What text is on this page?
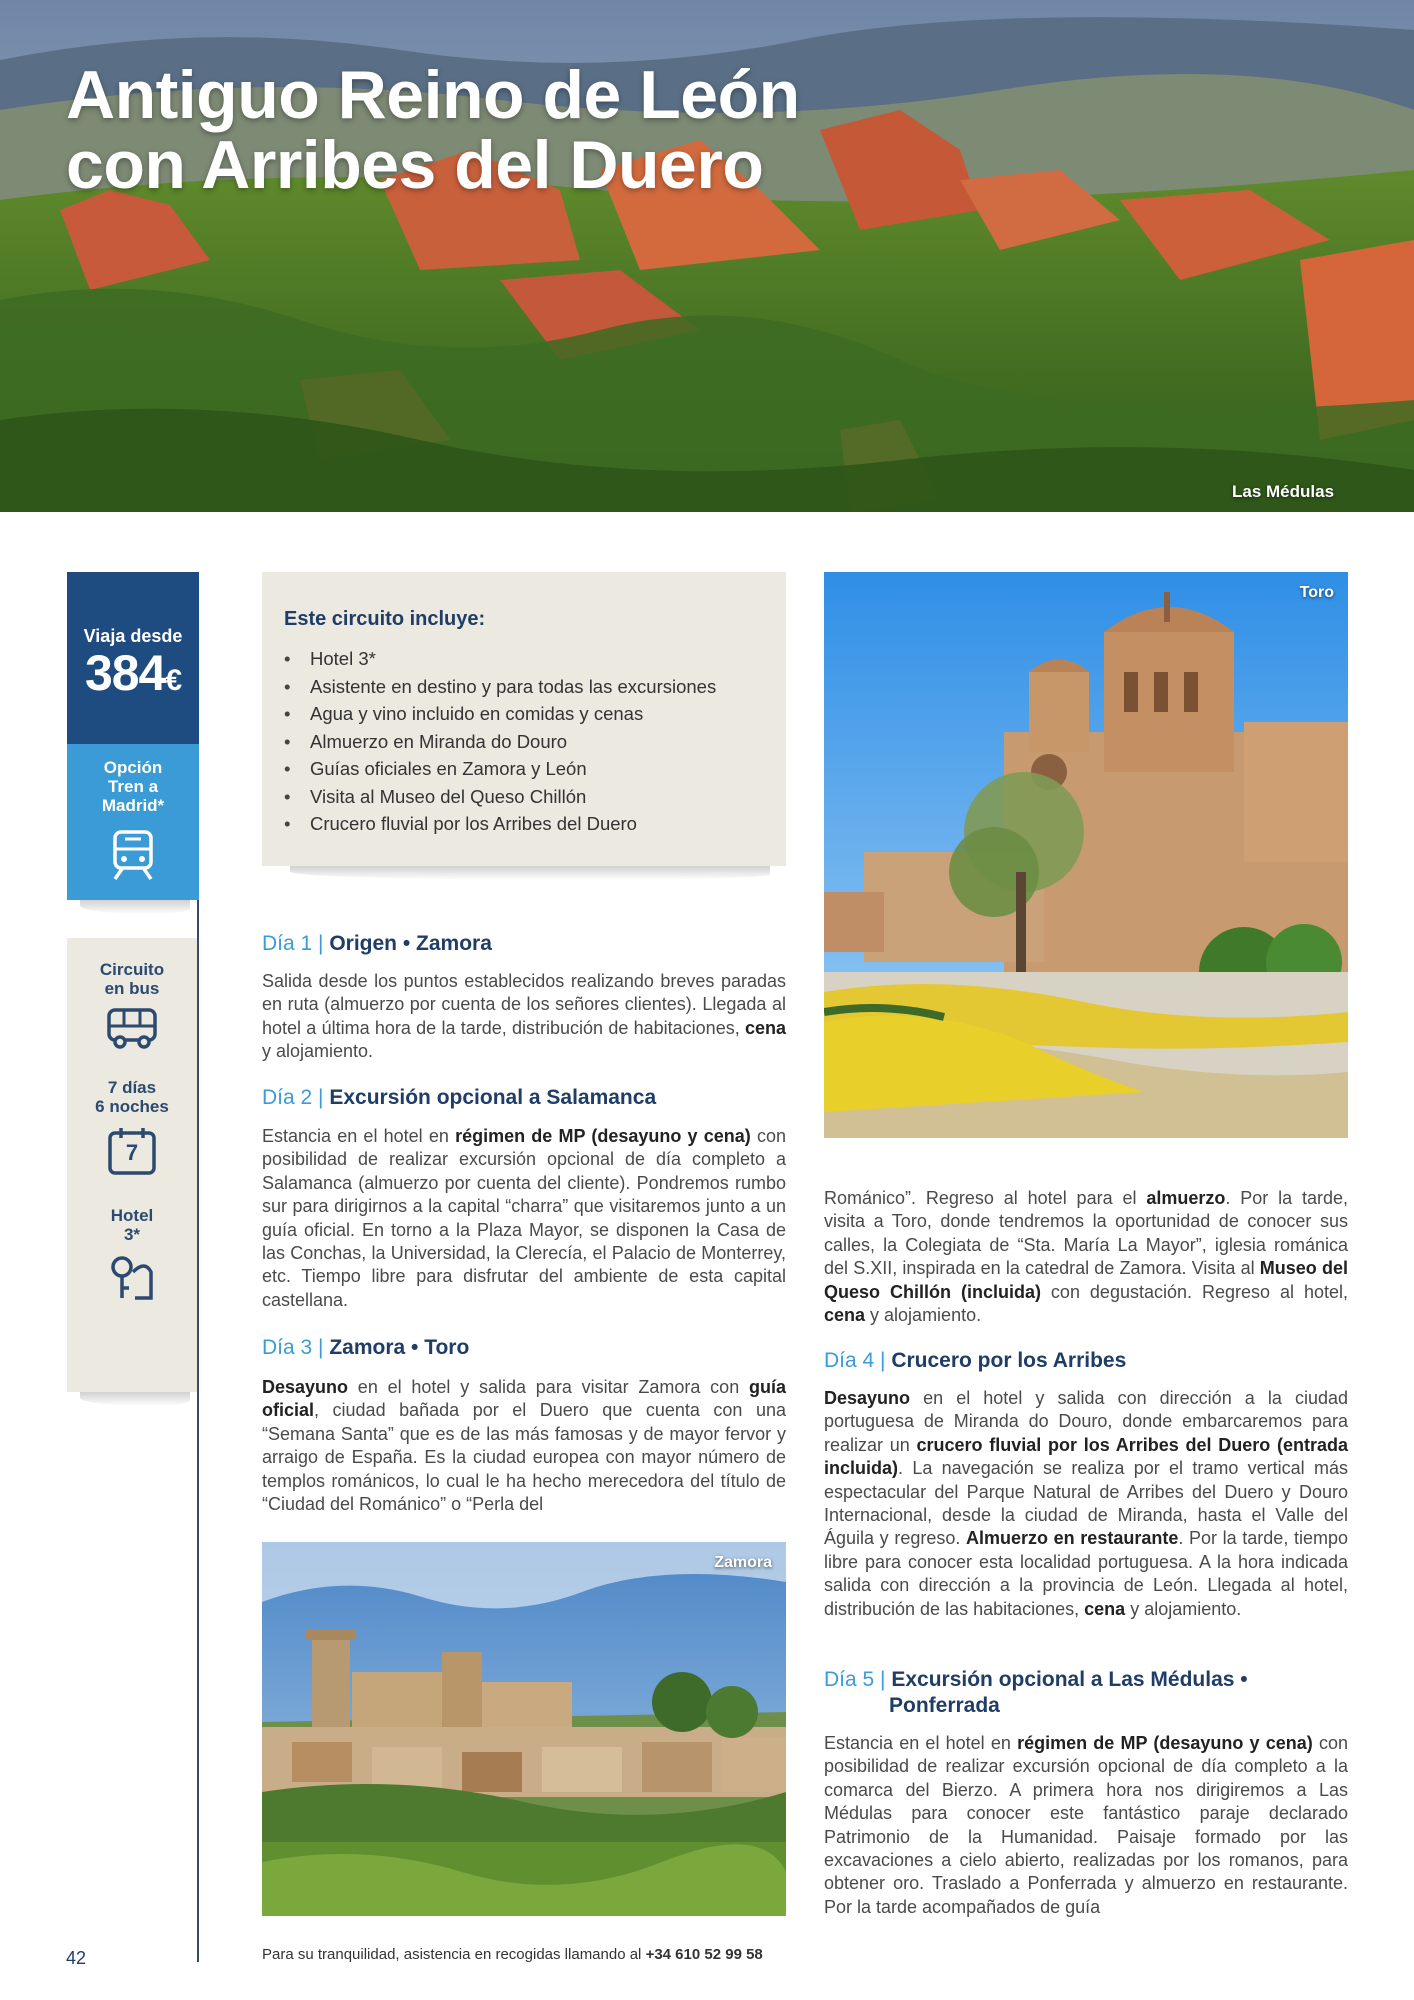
Antiguo Reino de León
con Arribes del Duero
Las Médulas
Viaja desde
384€
Opción
Tren a
Madrid*
Circuito
en bus
7 días
6 noches
7
Hotel
3*
Este circuito incluye:
• Hotel 3*
• Asistente en destino y para todas las excursiones
• Agua y vino incluido en comidas y cenas
• Almuerzo en Miranda do Douro
• Guías oficiales en Zamora y León
• Visita al Museo del Queso Chillón
• Crucero fluvial por los Arribes del Duero
Día 1 | Origen • Zamora
Salida desde los puntos establecidos realizando breves paradas en ruta (almuerzo por cuenta de los señores clientes). Llegada al hotel a última hora de la tarde, distribución de habitaciones, cena y alojamiento.
Día 2 | Excursión opcional a Salamanca
Estancia en el hotel en régimen de MP (desayuno y cena) con posibilidad de realizar excursión opcional de día completo a Salamanca (almuerzo por cuenta del cliente). Pondremos rumbo sur para dirigirnos a la capital “charra” que visitaremos junto a un guía oficial. En torno a la Plaza Mayor, se disponen la Casa de las Conchas, la Universidad, la Clerecía, el Palacio de Monterrey, etc. Tiempo libre para disfrutar del ambiente de esta capital castellana.
Día 3 | Zamora • Toro
Desayuno en el hotel y salida para visitar Zamora con guía oficial, ciudad bañada por el Duero que cuenta con una “Semana Santa” que es de las más famosas y de mayor fervor y arraigo de España. Es la ciudad europea con mayor número de templos románicos, lo cual le ha hecho merecedora del título de “Ciudad del Románico” o “Perla del
Zamora
Toro
Románico”. Regreso al hotel para el almuerzo. Por la tarde, visita a Toro, donde tendremos la oportunidad de conocer sus calles, la Colegiata de “Sta. María La Mayor”, iglesia románica del S.XII, inspirada en la catedral de Zamora. Visita al Museo del Queso Chillón (incluida) con degustación. Regreso al hotel, cena y alojamiento.
Día 4 | Crucero por los Arribes
Desayuno en el hotel y salida con dirección a la ciudad portuguesa de Miranda do Douro, donde embarcaremos para realizar un crucero fluvial por los Arribes del Duero (entrada incluida). La navegación se realiza por el tramo vertical más espectacular del Parque Natural de Arribes del Duero y Douro Internacional, desde la ciudad de Miranda, hasta el Valle del Águila y regreso. Almuerzo en restaurante. Por la tarde, tiempo libre para conocer esta localidad portuguesa. A la hora indicada salida con dirección a la provincia de León. Llegada al hotel, distribución de las habitaciones, cena y alojamiento.
Día 5 | Excursión opcional a Las Médulas •
Ponferrada
Estancia en el hotel en régimen de MP (desayuno y cena) con posibilidad de realizar excursión opcional de día completo a la comarca del Bierzo. A primera hora nos dirigiremos a Las Médulas para conocer este fantástico paraje declarado Patrimonio de la Humanidad. Paisaje formado por las excavaciones a cielo abierto, realizadas por los romanos, para obtener oro. Traslado a Ponferrada y almuerzo en restaurante. Por la tarde acompañados de guía
42	Para su tranquilidad, asistencia en recogidas llamando al +34 610 52 99 58
